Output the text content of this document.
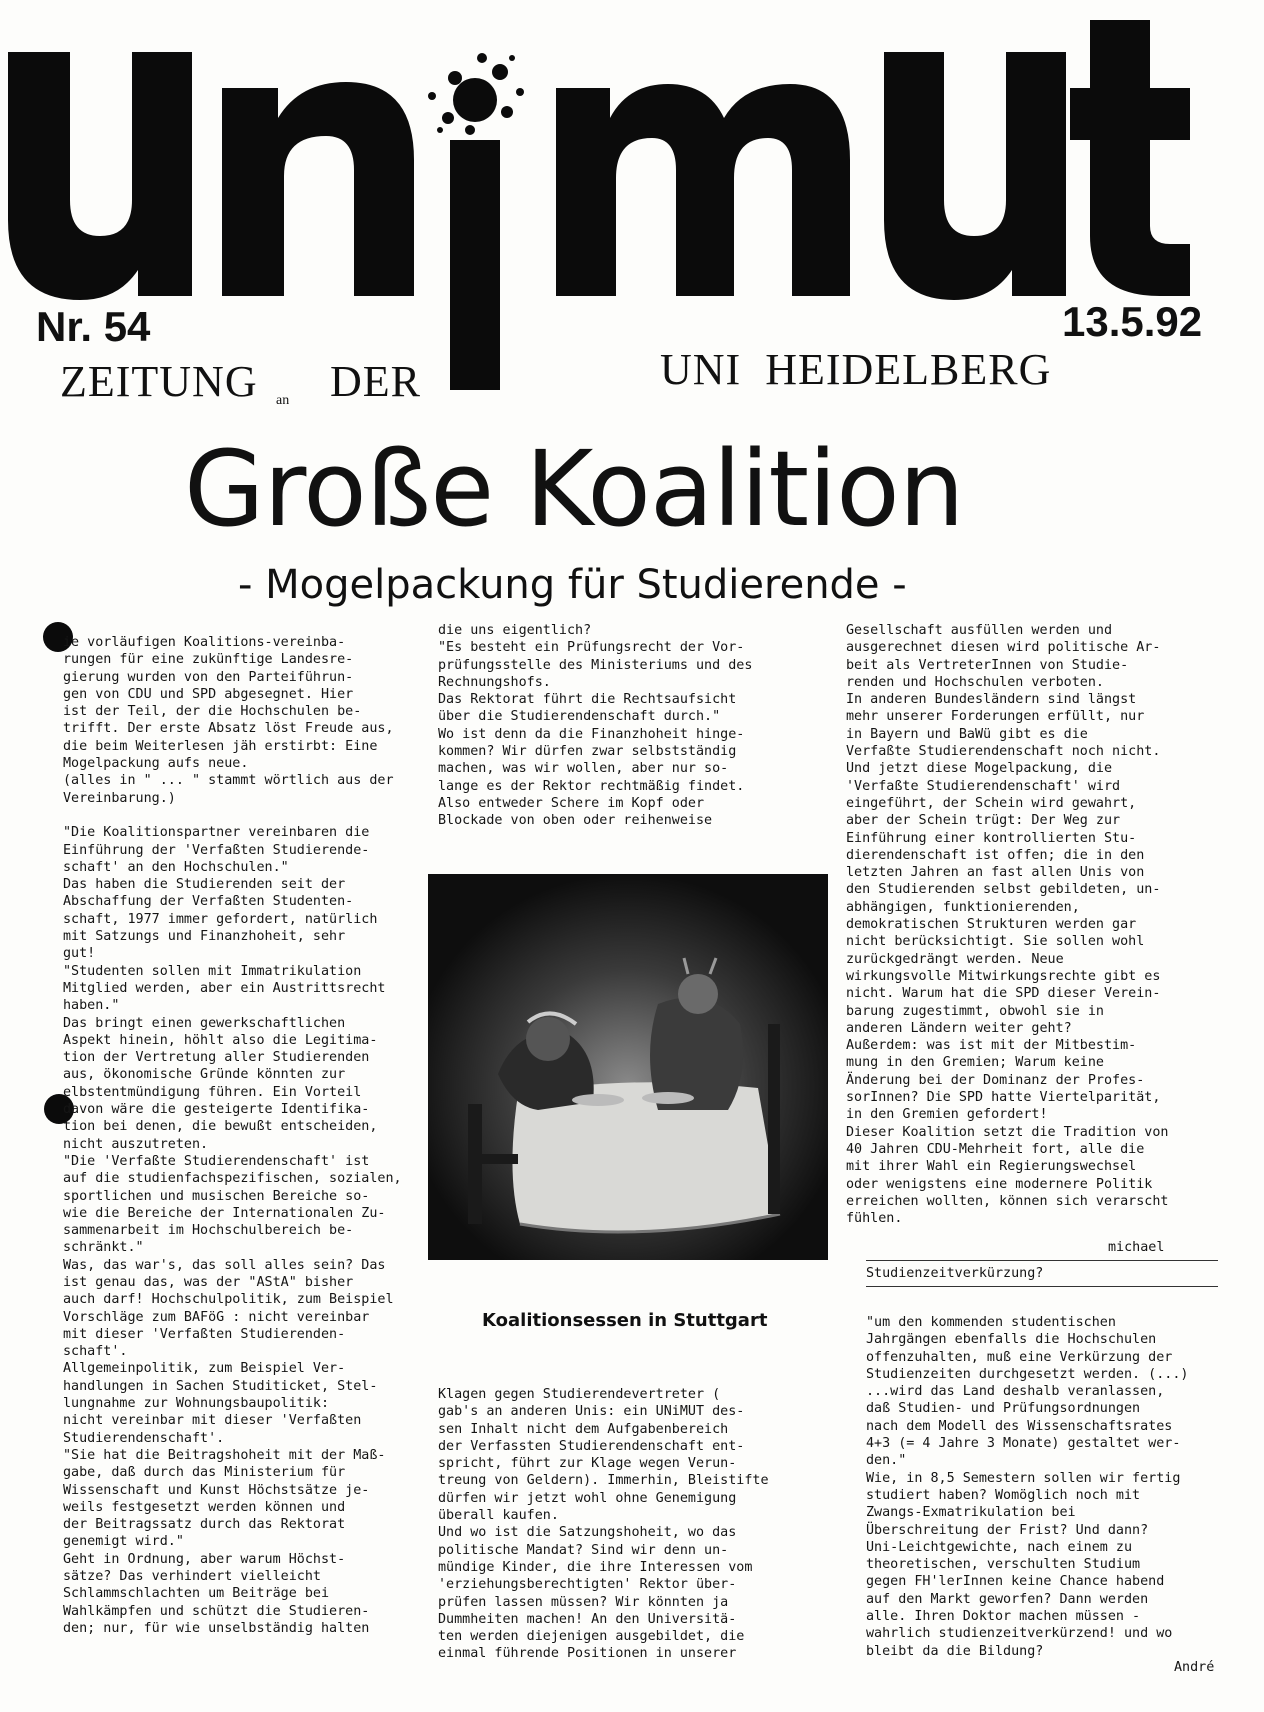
Nr. 54	13.5.92
ZEITUNG an DER	UNI  HEIDELBERG
Große Koalition
- Mogelpackung für Studierende -
ie vorläufigen Koalitions-vereinba-
rungen für eine zukünftige Landesre-
gierung wurden von den Parteiführun-
gen von CDU und SPD abgesegnet. Hier
ist der Teil, der die Hochschulen be-
trifft. Der erste Absatz löst Freude aus,
die beim Weiterlesen jäh erstirbt: Eine
Mogelpackung aufs neue.
(alles in " ... " stammt wörtlich aus der
Vereinbarung.)

"Die Koalitionspartner vereinbaren die
Einführung der 'Verfaßten Studierende-
schaft' an den Hochschulen."
Das haben die Studierenden seit der
Abschaffung der Verfaßten Studenten-
schaft, 1977 immer gefordert, natürlich
mit Satzungs und Finanzhoheit, sehr
gut!
"Studenten sollen mit Immatrikulation
Mitglied werden, aber ein Austrittsrecht
haben."
Das bringt einen gewerkschaftlichen
Aspekt hinein, höhlt also die Legitima-
tion der Vertretung aller Studierenden
aus, ökonomische Gründe könnten zur
elbstentmündigung führen. Ein Vorteil
davon wäre die gesteigerte Identifika-
tion bei denen, die bewußt entscheiden,
nicht auszutreten.
"Die 'Verfaßte Studierendenschaft' ist
auf die studienfachspezifischen, sozialen,
sportlichen und musischen Bereiche so-
wie die Bereiche der Internationalen Zu-
sammenarbeit im Hochschulbereich be-
schränkt."
Was, das war's, das soll alles sein? Das
ist genau das, was der "AStA" bisher
auch darf! Hochschulpolitik, zum Beispiel
Vorschläge zum BAFöG : nicht vereinbar
mit dieser 'Verfaßten Studierenden-
schaft'.
Allgemeinpolitik, zum Beispiel Ver-
handlungen in Sachen Studiticket, Stel-
lungnahme zur Wohnungsbaupolitik:
nicht vereinbar mit dieser 'Verfaßten
Studierendenschaft'.
"Sie hat die Beitragshoheit mit der Maß-
gabe, daß durch das Ministerium für
Wissenschaft und Kunst Höchstsätze je-
weils festgesetzt werden können und
der Beitragssatz durch das Rektorat
genemigt wird."
Geht in Ordnung, aber warum Höchst-
sätze? Das verhindert vielleicht
Schlammschlachten um Beiträge bei
Wahlkämpfen und schützt die Studieren-
den; nur, für wie unselbständig halten
die uns eigentlich?
"Es besteht ein Prüfungsrecht der Vor-
prüfungsstelle des Ministeriums und des
Rechnungshofs.
Das Rektorat führt die Rechtsaufsicht
über die Studierendenschaft durch."
Wo ist denn da die Finanzhoheit hinge-
kommen? Wir dürfen zwar selbstständig
machen, was wir wollen, aber nur so-
lange es der Rektor rechtmäßig findet.
Also entweder Schere im Kopf oder
Blockade von oben oder reihenweise
Koalitionsessen in Stuttgart
Klagen gegen Studierendevertreter (
gab's an anderen Unis: ein UNiMUT des-
sen Inhalt nicht dem Aufgabenbereich
der Verfassten Studierendenschaft ent-
spricht, führt zur Klage wegen Verun-
treung von Geldern). Immerhin, Bleistifte
dürfen wir jetzt wohl ohne Genemigung
überall kaufen.
Und wo ist die Satzungshoheit, wo das
politische Mandat? Sind wir denn un-
mündige Kinder, die ihre Interessen vom
'erziehungsberechtigten' Rektor über-
prüfen lassen müssen? Wir könnten ja
Dummheiten machen! An den Universitä-
ten werden diejenigen ausgebildet, die
einmal führende Positionen in unserer
Gesellschaft ausfüllen werden und
ausgerechnet diesen wird politische Ar-
beit als VertreterInnen von Studie-
renden und Hochschulen verboten.
In anderen Bundesländern sind längst
mehr unserer Forderungen erfüllt, nur
in Bayern und BaWü gibt es die
Verfaßte Studierendenschaft noch nicht.
Und jetzt diese Mogelpackung, die
'Verfaßte Studierendenschaft' wird
eingeführt, der Schein wird gewahrt,
aber der Schein trügt: Der Weg zur
Einführung einer kontrollierten Stu-
dierendenschaft ist offen; die in den
letzten Jahren an fast allen Unis von
den Studierenden selbst gebildeten, un-
abhängigen, funktionierenden,
demokratischen Strukturen werden gar
nicht berücksichtigt. Sie sollen wohl
zurückgedrängt werden. Neue
wirkungsvolle Mitwirkungsrechte gibt es
nicht. Warum hat die SPD dieser Verein-
barung zugestimmt, obwohl sie in
anderen Ländern weiter geht?
Außerdem: was ist mit der Mitbestim-
mung in den Gremien; Warum keine
Änderung bei der Dominanz der Profes-
sorInnen? Die SPD hatte Viertelparität,
in den Gremien gefordert!
Dieser Koalition setzt die Tradition von
40 Jahren CDU-Mehrheit fort, alle die
mit ihrer Wahl ein Regierungswechsel
oder wenigstens eine modernere Politik
erreichen wollten, können sich verarscht
fühlen.
michael
Studienzeitverkürzung?
"um den kommenden studentischen
Jahrgängen ebenfalls die Hochschulen
offenzuhalten, muß eine Verkürzung der
Studienzeiten durchgesetzt werden. (...)
...wird das Land deshalb veranlassen,
daß Studien- und Prüfungsordnungen
nach dem Modell des Wissenschaftsrates
4+3 (= 4 Jahre 3 Monate) gestaltet wer-
den."
Wie, in 8,5 Semestern sollen wir fertig
studiert haben? Womöglich noch mit
Zwangs-Exmatrikulation bei
Überschreitung der Frist? Und dann?
Uni-Leichtgewichte, nach einem zu
theoretischen, verschulten Studium
gegen FH'lerInnen keine Chance habend
auf den Markt geworfen? Dann werden
alle. Ihren Doktor machen müssen -
wahrlich studienzeitverkürzend! und wo
bleibt da die Bildung?
André
